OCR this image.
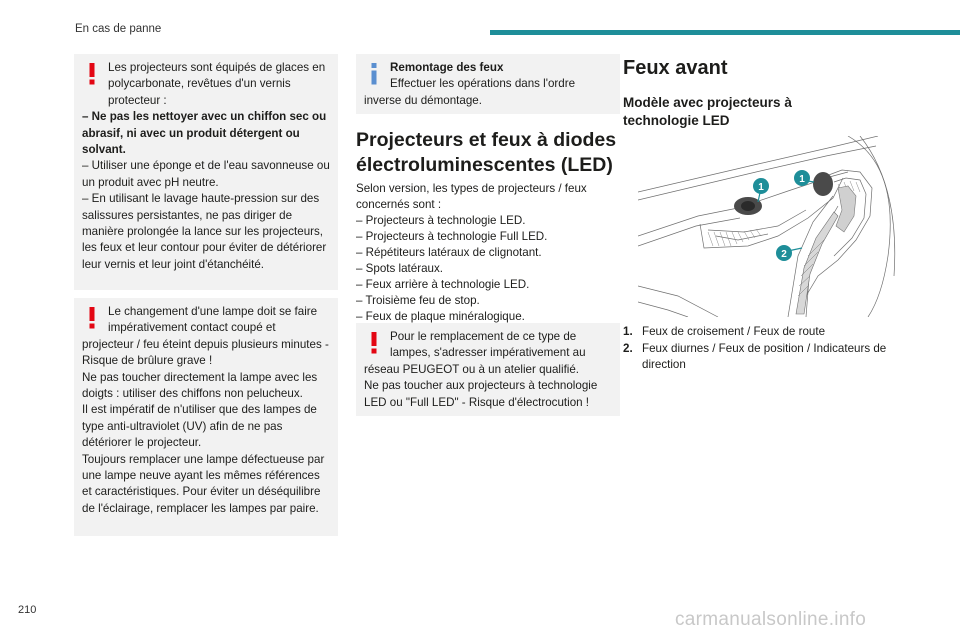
En cas de panne

Les projecteurs sont équipés de glaces en polycarbonate, revêtues d'un vernis protecteur :

– Ne pas les nettoyer avec un chiffon sec ou abrasif, ni avec un produit détergent ou solvant.

– Utiliser une éponge et de l'eau savonneuse ou un produit avec pH neutre.
– En utilisant le lavage haute-pression sur des salissures persistantes, ne pas diriger de manière prolongée la lance sur les projecteurs, les feux et leur contour pour éviter de détériorer leur vernis et leur joint d'étanchéité.

Le changement d'une lampe doit se faire impérativement contact coupé et

projecteur / feu éteint depuis plusieurs minutes - Risque de brûlure grave !
Ne pas toucher directement la lampe avec les doigts : utiliser des chiffons non pelucheux.
Il est impératif de n'utiliser que des lampes de type anti-ultraviolet (UV) afin de ne pas détériorer le projecteur.
Toujours remplacer une lampe défectueuse par une lampe neuve ayant les mêmes références et caractéristiques. Pour éviter un déséquilibre de l'éclairage, remplacer les lampes par paire.

Remontage des feux

Effectuer les opérations dans l'ordre

inverse du démontage.

Projecteurs et feux à diodes électroluminescentes (LED)
Selon version, les types de projecteurs / feux concernés sont :
– Projecteurs à technologie LED.
– Projecteurs à technologie Full LED.
– Répétiteurs latéraux de clignotant.
– Spots latéraux.
– Feux arrière à technologie LED.
– Troisième feu de stop.
– Feux de plaque minéralogique.

Pour le remplacement de ce type de lampes, s'adresser impérativement au

réseau PEUGEOT ou à un atelier qualifié.
Ne pas toucher aux projecteurs à technologie LED ou "Full LED" - Risque d'électrocution !

Feux avant
Modèle avec projecteurs à technologie LED
1
1
2
1. Feux de croisement / Feux de route
2. Feux diurnes / Feux de position / Indicateurs de direction
210	carmanualsonline.info
